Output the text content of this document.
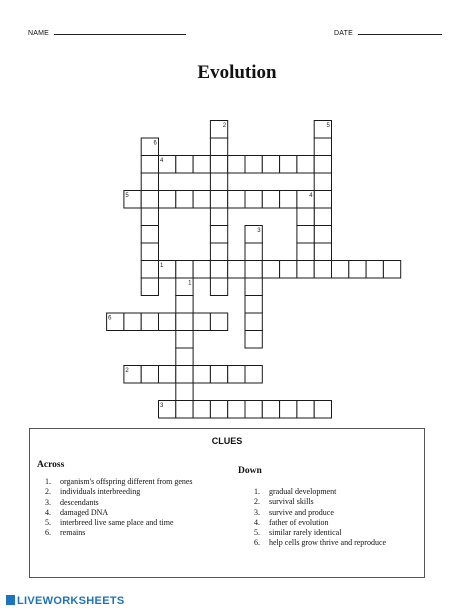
NAME	DATE
Evolution
4
5
1
6
2
3
6
2	5
4
3
1
CLUES
Across
Down
1. organism's offspring different from genes
2. individuals interbreeding
3. descendants
4. damaged DNA
5. interbreed live same place and time
6. remains
1. gradual development
2. survival skills
3. survive and produce
4. father of evolution
5. similar rarely identical
6. help cells grow thrive and reproduce
LIVEWORKSHEETS
